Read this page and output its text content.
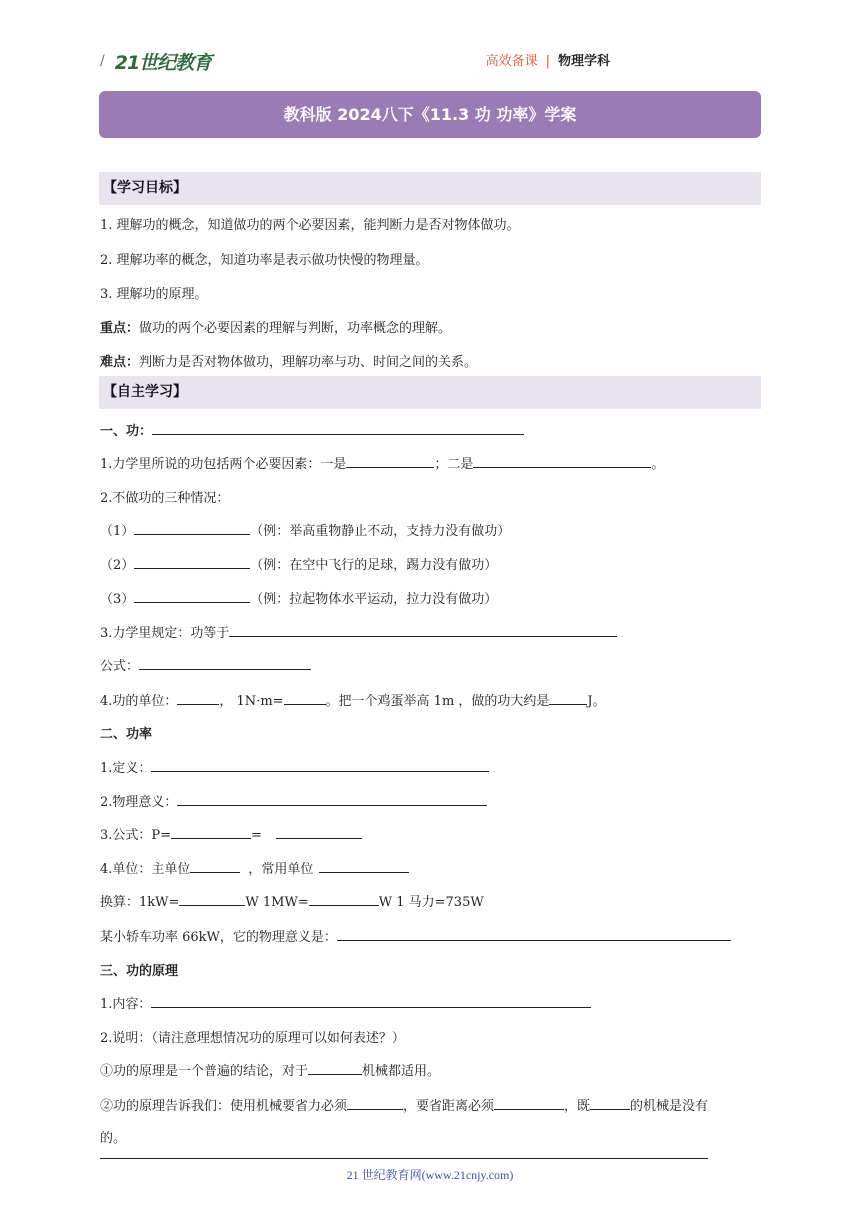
/ 21世纪教育	高效备课 | 物理学科
教科版 2024八下《11.3 功 功率》学案
【学习目标】
1. 理解功的概念，知道做功的两个必要因素，能判断力是否对物体做功。
2. 理解功率的概念，知道功率是表示做功快慢的物理量。
3. 理解功的原理。
重点：做功的两个必要因素的理解与判断，功率概念的理解。
难点：判断力是否对物体做功，理解功率与功、时间之间的关系。
【自主学习】
一、功：
1.力学里所说的功包括两个必要因素：一是	；二是	。
2.不做功的三种情况：
（1）	（例：举高重物静止不动，支持力没有做功）
（2）	（例：在空中飞行的足球，踢力没有做功）
（3）	（例：拉起物体水平运动，拉力没有做功）
3.力学里规定：功等于
公式：
4.功的单位：	， 1N·m=	。把一个鸡蛋举高 1m ，做的功大约是	J。
二、功率
1.定义：
2.物理意义：
3.公式：P=	=
4.单位：主单位	，常用单位
换算：1kW=	W 1MW=	W 1 马力=735W
某小轿车功率 66kW，它的物理意义是：
三、功的原理
1.内容：
2.说明：（请注意理想情况功的原理可以如何表述？）
①功的原理是一个普遍的结论，对于	机械都适用。
②功的原理告诉我们：使用机械要省力必须	，要省距离必须	，既	的机械是没有
的。
21 世纪教育网(www.21cnjy.com)
